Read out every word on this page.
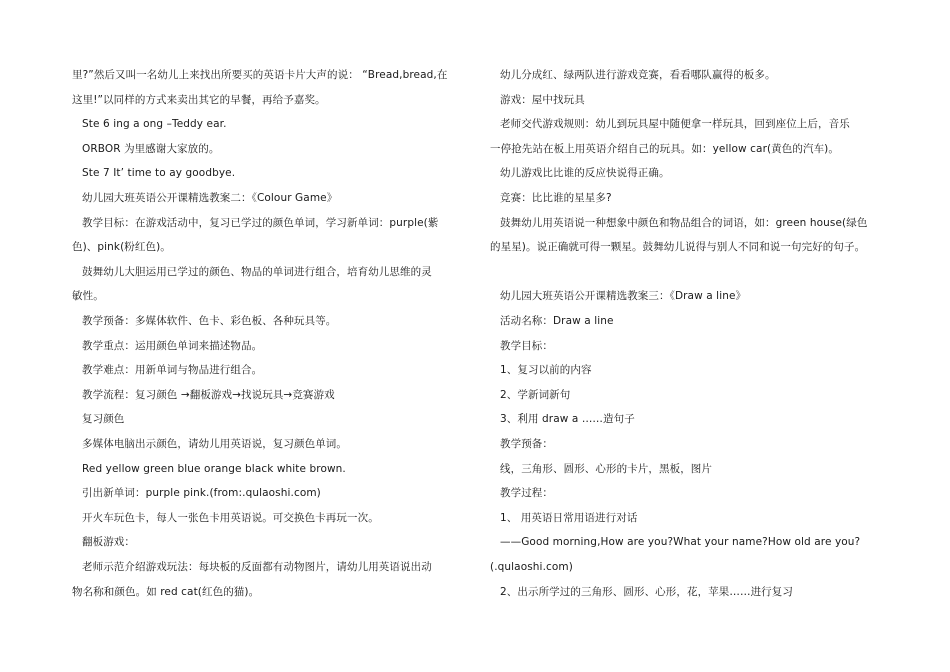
里?”然后又叫一名幼儿上来找出所要买的英语卡片大声的说： “Bread,bread,在
这里!”以同样的方式来卖出其它的早餐，再给予嘉奖。
Ste 6 ing a ong –Teddy ear.
ORBOR 为里感谢大家放的。
Ste 7 It’ time to ay goodbye.
幼儿园大班英语公开课精选教案二：《Colour Game》
教学目标：在游戏活动中，复习已学过的颜色单词，学习新单词：purple(紫
色)、pink(粉红色)。
鼓舞幼儿大胆运用已学过的颜色、物品的单词进行组合，培育幼儿思维的灵
敏性。
教学预备：多媒体软件、色卡、彩色板、各种玩具等。
教学重点：运用颜色单词来描述物品。
教学难点：用新单词与物品进行组合。
教学流程：复习颜色 →翻板游戏→找说玩具→竞赛游戏
复习颜色
多媒体电脑出示颜色，请幼儿用英语说，复习颜色单词。
Red yellow green blue orange black white brown.
引出新单词：purple pink.(from:.qulaoshi.com)
开火车玩色卡，每人一张色卡用英语说。可交换色卡再玩一次。
翻板游戏：
老师示范介绍游戏玩法：每块板的反面都有动物图片，请幼儿用英语说出动
物名称和颜色。如 red cat(红色的猫)。
幼儿分成红、绿两队进行游戏竞赛，看看哪队赢得的板多。
游戏：屋中找玩具
老师交代游戏规则：幼儿到玩具屋中随便拿一样玩具，回到座位上后，音乐
一停抢先站在板上用英语介绍自己的玩具。如：yellow car(黄色的汽车)。
幼儿游戏比比谁的反应快说得正确。
竞赛：比比谁的星星多?
鼓舞幼儿用英语说一种想象中颜色和物品组合的词语，如：green house(绿色
的星星)。说正确就可得一颗星。鼓舞幼儿说得与别人不同和说一句完好的句子。
幼儿园大班英语公开课精选教案三：《Draw a line》
活动名称：Draw a line
教学目标：
1、复习以前的内容
2、学新词新句
3、利用 draw a ……造句子
教学预备：
线，三角形、圆形、心形的卡片，黑板，图片
教学过程：
1、 用英语日常用语进行对话
——Good morning,How are you?What your name?How old are you?
(.qulaoshi.com)
2、出示所学过的三角形、圆形、心形，花，苹果……进行复习
